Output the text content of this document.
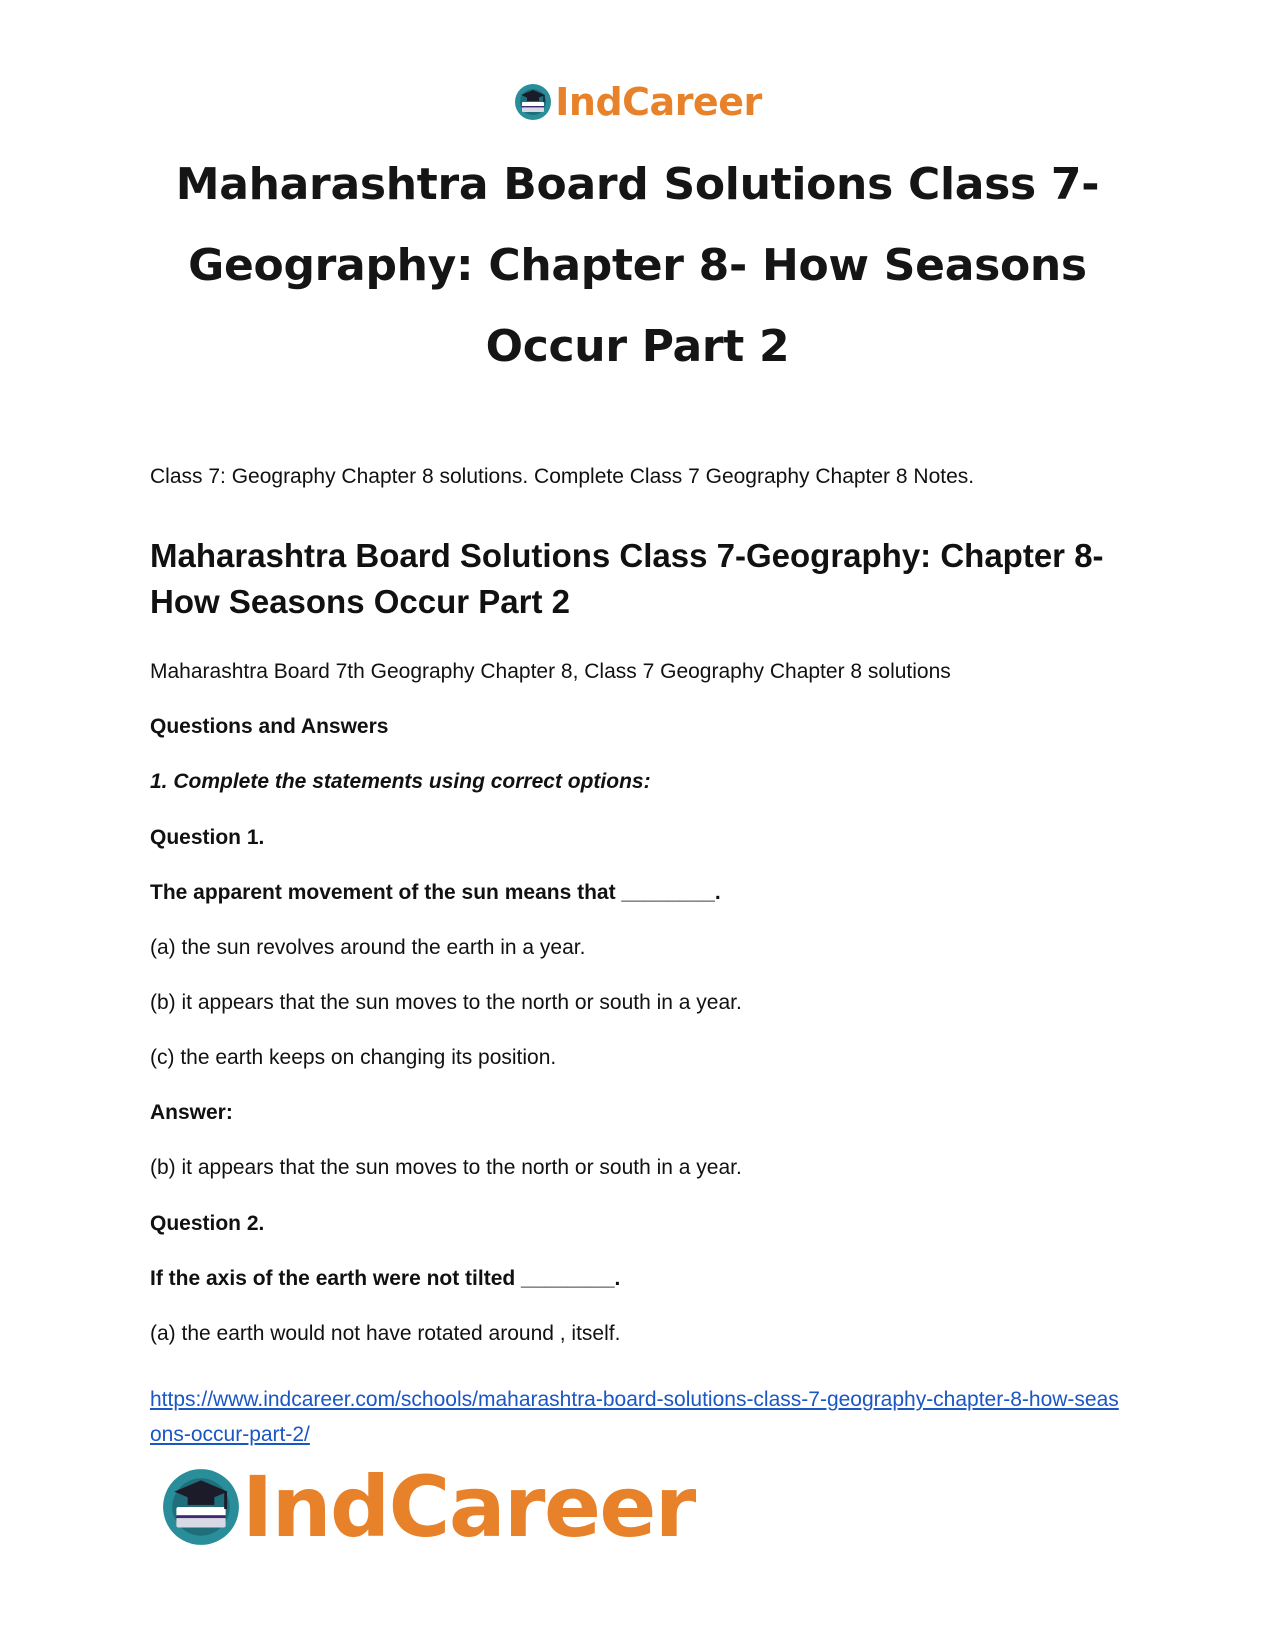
IndCareer
Maharashtra Board Solutions Class 7-Geography: Chapter 8- How Seasons Occur Part 2

Class 7: Geography Chapter 8 solutions. Complete Class 7 Geography Chapter 8 Notes.

Maharashtra Board Solutions Class 7-Geography: Chapter 8- How Seasons Occur Part 2

Maharashtra Board 7th Geography Chapter 8, Class 7 Geography Chapter 8 solutions

Questions and Answers

1. Complete the statements using correct options:

Question 1.

The apparent movement of the sun means that ________.

(a) the sun revolves around the earth in a year.

(b) it appears that the sun moves to the north or south in a year.

(c) the earth keeps on changing its position.

Answer:

(b) it appears that the sun moves to the north or south in a year.

Question 2.

If the axis of the earth were not tilted ________.

(a) the earth would not have rotated around , itself.

https://www.indcareer.com/schools/maharashtra-board-solutions-class-7-geography-chapter-8-how-seasons-occur-part-2/
IndCareer
